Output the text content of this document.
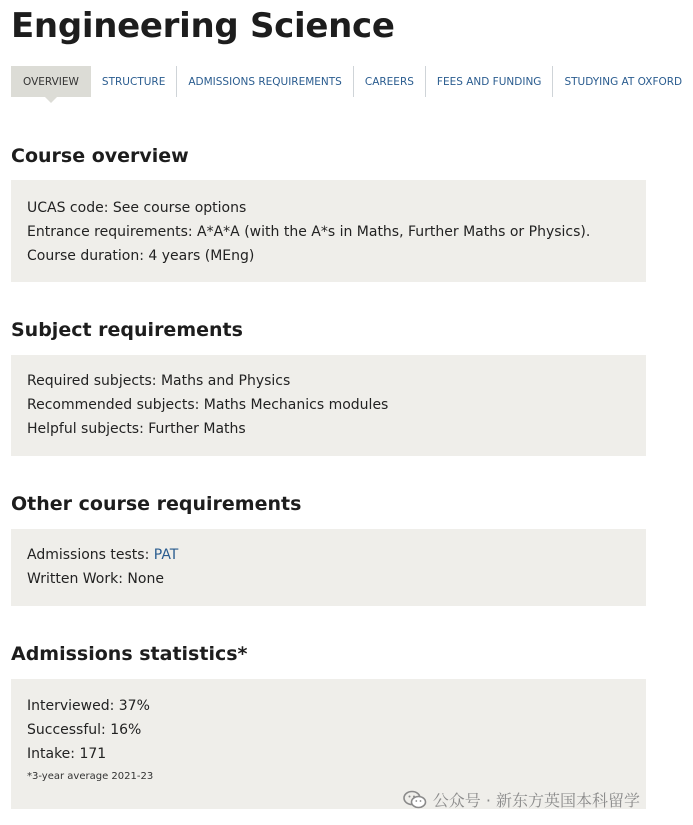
Engineering Science
OVERVIEW	STRUCTURE	ADMISSIONS REQUIREMENTS	CAREERS	FEES AND FUNDING	STUDYING AT OXFORD
Course overview
UCAS code: See course options
Entrance requirements: A*A*A (with the A*s in Maths, Further Maths or Physics).
Course duration: 4 years (MEng)
Subject requirements
Required subjects: Maths and Physics
Recommended subjects: Maths Mechanics modules
Helpful subjects: Further Maths
Other course requirements
Admissions tests: PAT
Written Work: None
Admissions statistics*
Interviewed: 37%
Successful: 16%
Intake: 171
*3-year average 2021-23
公众号 · 新东方英国本科留学
